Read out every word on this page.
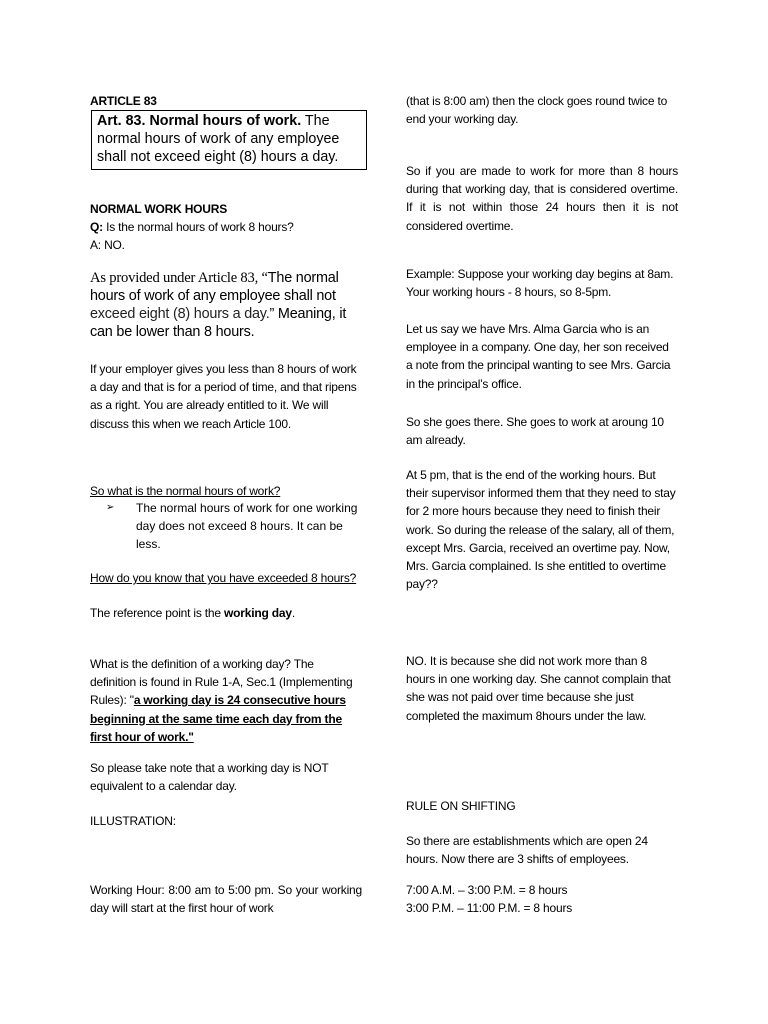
ARTICLE 83
Art. 83. Normal hours of work. The normal hours of work of any employee shall not exceed eight (8) hours a day.
NORMAL WORK HOURS
Q: Is the normal hours of work 8 hours?
A: NO.
As provided under Article 83, “The normal hours of work of any employee shall not exceed eight (8) hours a day.” Meaning, it can be lower than 8 hours.
If your employer gives you less than 8 hours of work a day and that is for a period of time, and that ripens as a right. You are already entitled to it. We will discuss this when we reach Article 100.
So what is the normal hours of work?
➢ The normal hours of work for one working day does not exceed 8 hours. It can be less.
How do you know that you have exceeded 8 hours?
The reference point is the working day.
What is the definition of a working day? The definition is found in Rule 1-A, Sec.1 (Implementing Rules): "a working day is 24 consecutive hours beginning at the same time each day from the first hour of work."
So please take note that a working day is NOT equivalent to a calendar day.
ILLUSTRATION:
Working Hour: 8:00 am to 5:00 pm. So your working day will start at the first hour of work
(that is 8:00 am) then the clock goes round twice to end your working day.
So if you are made to work for more than 8 hours during that working day, that is considered overtime. If it is not within those 24 hours then it is not considered overtime.
Example: Suppose your working day begins at 8am. Your working hours - 8 hours, so 8-5pm.
Let us say we have Mrs. Alma Garcia who is an employee in a company. One day, her son received a note from the principal wanting to see Mrs. Garcia in the principal’s office.
So she goes there. She goes to work at aroung 10 am already.
At 5 pm, that is the end of the working hours. But their supervisor informed them that they need to stay for 2 more hours because they need to finish their work. So during the release of the salary, all of them, except Mrs. Garcia, received an overtime pay. Now, Mrs. Garcia complained. Is she entitled to overtime pay??
NO. It is because she did not work more than 8 hours in one working day. She cannot complain that she was not paid over time because she just completed the maximum 8hours under the law.
RULE ON SHIFTING
So there are establishments which are open 24 hours. Now there are 3 shifts of employees.
7:00 A.M. – 3:00 P.M. = 8 hours
3:00 P.M. – 11:00 P.M. = 8 hours
